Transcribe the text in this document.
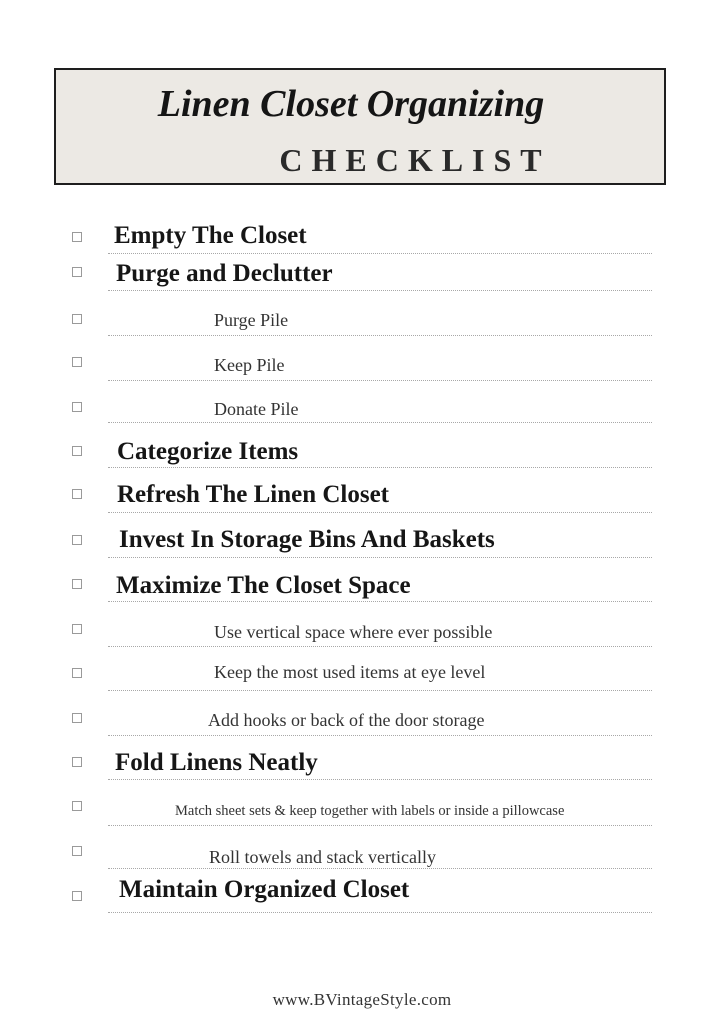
Linen Closet Organizing
CHECKLIST
Empty The Closet
Purge and Declutter
Purge Pile
Keep Pile
Donate Pile
Categorize Items
Refresh The Linen Closet
Invest In Storage Bins And Baskets
Maximize The Closet Space
Use vertical space where ever possible
Keep the most used items at eye level
Add hooks or back of the door storage
Fold Linens Neatly
Match sheet sets & keep together with labels or inside a pillowcase
Roll towels and stack vertically
Maintain Organized Closet
www.BVintageStyle.com
